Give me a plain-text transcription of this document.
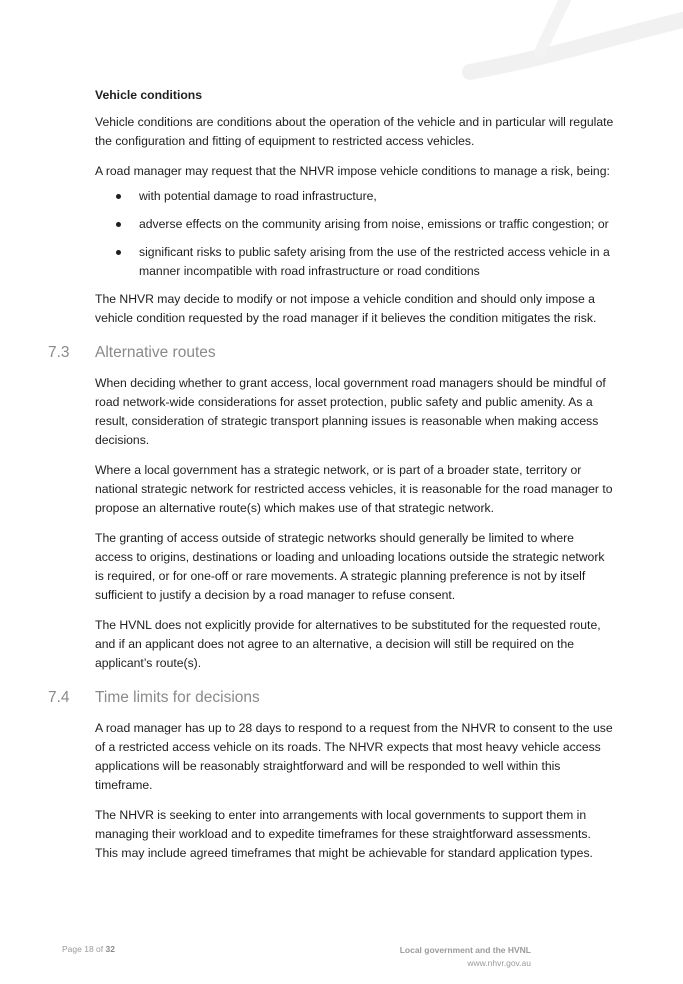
Vehicle conditions

Vehicle conditions are conditions about the operation of the vehicle and in particular will regulate the configuration and fitting of equipment to restricted access vehicles.

A road manager may request that the NHVR impose vehicle conditions to manage a risk, being:

with potential damage to road infrastructure,
adverse effects on the community arising from noise, emissions or traffic congestion; or
significant risks to public safety arising from the use of the restricted access vehicle in a manner incompatible with road infrastructure or road conditions

The NHVR may decide to modify or not impose a vehicle condition and should only impose a vehicle condition requested by the road manager if it believes the condition mitigates the risk.

7.3 Alternative routes

When deciding whether to grant access, local government road managers should be mindful of road network-wide considerations for asset protection, public safety and public amenity. As a result, consideration of strategic transport planning issues is reasonable when making access decisions.

Where a local government has a strategic network, or is part of a broader state, territory or national strategic network for restricted access vehicles, it is reasonable for the road manager to propose an alternative route(s) which makes use of that strategic network.

The granting of access outside of strategic networks should generally be limited to where access to origins, destinations or loading and unloading locations outside the strategic network is required, or for one-off or rare movements. A strategic planning preference is not by itself sufficient to justify a decision by a road manager to refuse consent.

The HVNL does not explicitly provide for alternatives to be substituted for the requested route, and if an applicant does not agree to an alternative, a decision will still be required on the applicant’s route(s).

7.4 Time limits for decisions

A road manager has up to 28 days to respond to a request from the NHVR to consent to the use of a restricted access vehicle on its roads. The NHVR expects that most heavy vehicle access applications will be reasonably straightforward and will be responded to well within this timeframe.

The NHVR is seeking to enter into arrangements with local governments to support them in managing their workload and to expedite timeframes for these straightforward assessments. This may include agreed timeframes that might be achievable for standard application types.

Page 18 of 32	Local government and the HVNL
www.nhvr.gov.au
